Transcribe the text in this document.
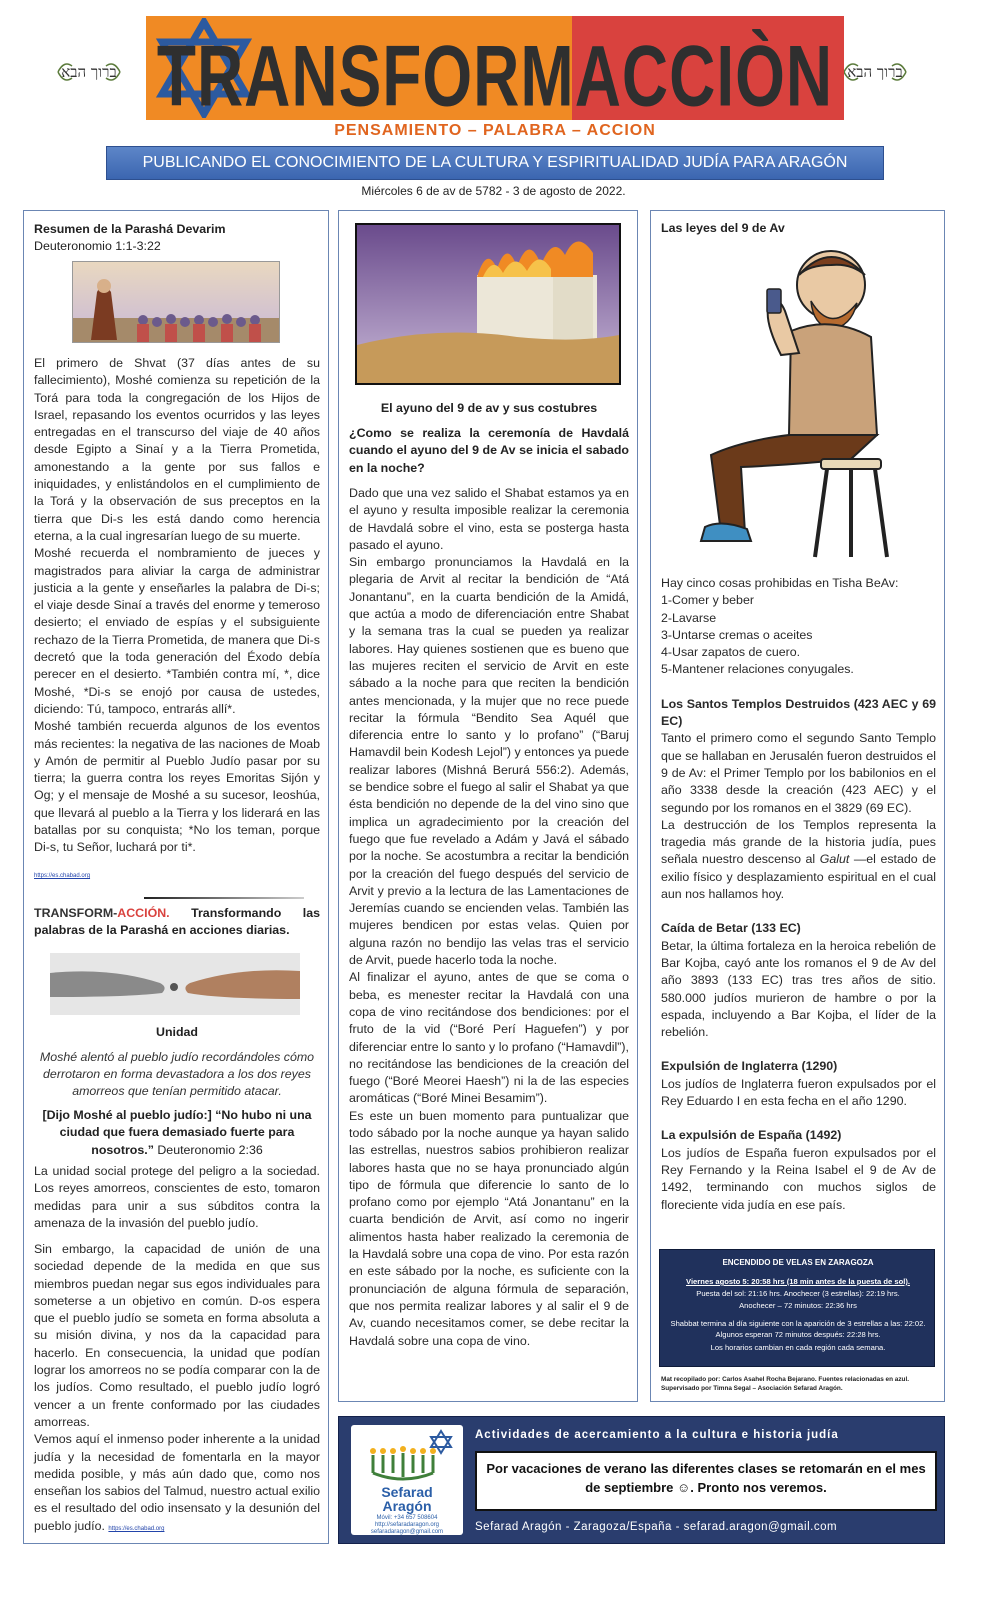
ברוך הבא	ברוך הבא
TRANSFORMACCIÒN
PENSAMIENTO – PALABRA – ACCION
PUBLICANDO EL CONOCIMIENTO DE LA CULTURA Y ESPIRITUALIDAD JUDÍA PARA ARAGÓN
Miércoles 6 de av de 5782 - 3 de agosto de 2022.
Resumen de la Parashá Devarim
Deuteronomio 1:1-3:22
El primero de Shvat (37 días antes de su fallecimiento), Moshé comienza su repetición de la Torá para toda la congregación de los Hijos de Israel, repasando los eventos ocurridos y las leyes entregadas en el transcurso del viaje de 40 años desde Egipto a Sinaí y a la Tierra Prometida, amonestando a la gente por sus fallos e iniquidades, y enlistándolos en el cumplimiento de la Torá y la observación de sus preceptos en la tierra que Di-s les está dando como herencia eterna, a la cual ingresarían luego de su muerte.
Moshé recuerda el nombramiento de jueces y magistrados para aliviar la carga de administrar justicia a la gente y enseñarles la palabra de Di-s; el viaje desde Sinaí a través del enorme y temeroso desierto; el enviado de espías y el subsiguiente rechazo de la Tierra Prometida, de manera que Di-s decretó que la toda generación del Éxodo debía perecer en el desierto. *También contra mí, *, dice Moshé, *Di-s se enojó por causa de ustedes, diciendo: Tú, tampoco, entrarás allí*.
Moshé también recuerda algunos de los eventos más recientes: la negativa de las naciones de Moab y Amón de permitir al Pueblo Judío pasar por su tierra; la guerra contra los reyes Emoritas Sijón y Og; y el mensaje de Moshé a su sucesor, Ieoshúa, que llevará al pueblo a la Tierra y los liderará en las batallas por su conquista; *No los teman, porque Di-s, tu Señor, luchará por ti*.
https://es.chabad.org
TRANSFORM-ACCIÓN. Transformando las palabras de la Parashá en acciones diarias.
Unidad
Moshé alentó al pueblo judío recordándoles cómo derrotaron en forma devastadora a los dos reyes amorreos que tenían permitido atacar.
[Dijo Moshé al pueblo judío:] “No hubo ni una ciudad que fuera demasiado fuerte para nosotros.” Deuteronomio 2:36
La unidad social protege del peligro a la sociedad. Los reyes amorreos, conscientes de esto, tomaron medidas para unir a sus súbditos contra la amenaza de la invasión del pueblo judío.
Sin embargo, la capacidad de unión de una sociedad depende de la medida en que sus miembros puedan negar sus egos individuales para someterse a un objetivo en común. D-os espera que el pueblo judío se someta en forma absoluta a su misión divina, y nos da la capacidad para hacerlo. En consecuencia, la unidad que podían lograr los amorreos no se podía comparar con la de los judíos. Como resultado, el pueblo judío logró vencer a un frente conformado por las ciudades amorreas.
Vemos aquí el inmenso poder inherente a la unidad judía y la necesidad de fomentarla en la mayor medida posible, y más aún dado que, como nos enseñan los sabios del Talmud, nuestro actual exilio es el resultado del odio insensato y la desunión del pueblo judío. https://es.chabad.org
El ayuno del 9 de av y sus costubres
¿Como se realiza la ceremonía de Havdalá cuando el ayuno del 9 de Av se inicia el sabado en la noche?
Dado que una vez salido el Shabat estamos ya en el ayuno y resulta imposible realizar la ceremonia de Havdalá sobre el vino, esta se posterga hasta pasado el ayuno.
Sin embargo pronunciamos la Havdalá en la plegaria de Arvit al recitar la bendición de “Atá Jonantanu”, en la cuarta bendición de la Amidá, que actúa a modo de diferenciación entre Shabat y la semana tras la cual se pueden ya realizar labores. Hay quienes sostienen que es bueno que las mujeres reciten el servicio de Arvit en este sábado a la noche para que reciten la bendición antes mencionada, y la mujer que no rece puede recitar la fórmula “Bendito Sea Aquél que diferencia entre lo santo y lo profano” (“Baruj Hamavdil bein Kodesh Lejol”) y entonces ya puede realizar labores (Mishná Berurá 556:2). Además, se bendice sobre el fuego al salir el Shabat ya que ésta bendición no depende de la del vino sino que implica un agradecimiento por la creación del fuego que fue revelado a Adám y Javá el sábado por la noche. Se acostumbra a recitar la bendición por la creación del fuego después del servicio de Arvit y previo a la lectura de las Lamentaciones de Jeremías cuando se encienden velas. También las mujeres bendicen por estas velas. Quien por alguna razón no bendijo las velas tras el servicio de Arvit, puede hacerlo toda la noche.
Al finalizar el ayuno, antes de que se coma o beba, es menester recitar la Havdalá con una copa de vino recitándose dos bendiciones: por el fruto de la vid (“Boré Perí Haguefen”) y por diferenciar entre lo santo y lo profano (“Hamavdil”), no recitándose las bendiciones de la creación del fuego (“Boré Meorei Haesh”) ni la de las especies aromáticas (“Boré Minei Besamim”).
Es este un buen momento para puntualizar que todo sábado por la noche aunque ya hayan salido las estrellas, nuestros sabios prohibieron realizar labores hasta que no se haya pronunciado algún tipo de fórmula que diferencie lo santo de lo profano como por ejemplo “Atá Jonantanu” en la cuarta bendición de Arvit, así como no ingerir alimentos hasta haber realizado la ceremonia de la Havdalá sobre una copa de vino. Por esta razón en este sábado por la noche, es suficiente con la pronunciación de alguna fórmula de separación, que nos permita realizar labores y al salir el 9 de Av, cuando necesitamos comer, se debe recitar la Havdalá sobre una copa de vino.
Las leyes del 9 de Av

Hay cinco cosas prohibidas en Tisha BeAv:

1-Comer y beber

2-Lavarse

3-Untarse cremas o aceites

4-Usar zapatos de cuero.

5-Mantener relaciones conyugales.

Los Santos Templos Destruidos (423 AEC y 69 EC)

Tanto el primero como el segundo Santo Templo que se hallaban en Jerusalén fueron destruidos el 9 de Av: el Primer Templo por los babilonios en el año 3338 desde la creación (423 AEC) y el segundo por los romanos en el 3829 (69 EC).

La destrucción de los Templos representa la tragedia más grande de la historia judía, pues señala nuestro descenso al Galut —el estado de exilio físico y desplazamiento espiritual en el cual aun nos hallamos hoy.

Caída de Betar (133 EC)

Betar, la última fortaleza en la heroica rebelión de Bar Kojba, cayó ante los romanos el 9 de Av del año 3893 (133 EC) tras tres años de sitio. 580.000 judíos murieron de hambre o por la espada, incluyendo a Bar Kojba, el líder de la rebelión.

Expulsión de Inglaterra (1290)

Los judíos de Inglaterra fueron expulsados por el Rey Eduardo I en esta fecha en el año 1290.

La expulsión de España (1492)

Los judíos de España fueron expulsados por el Rey Fernando y la Reina Isabel el 9 de Av de 1492, terminando con muchos siglos de floreciente vida judía en ese país.

ENCENDIDO DE VELAS EN ZARAGOZA
Viernes agosto 5: 20:58 hrs (18 min antes de la puesta de sol).
Puesta del sol: 21:16 hrs. Anochecer (3 estrellas): 22:19 hrs.
Anochecer – 72 minutos: 22:36 hrs
Shabbat termina al día siguiente con la aparición de 3 estrellas a las: 22:02. Algunos esperan 72 minutos después: 22:28 hrs.
Los horarios cambian en cada región cada semana.
Mat recopilado por: Carlos Asahel Rocha Bejarano. Fuentes relacionadas en azul. Supervisado por Timna Segal – Asociación Sefarad Aragón.
Sefarad
Aragón
Móvil: +34 657 508604
http://sefaradaragon.org
sefaradaragon@gmail.com
Actividades de acercamiento a la cultura e historia judía
Por vacaciones de verano las diferentes clases se retomarán en el mes de septiembre ☺. Pronto nos veremos.
Sefarad Aragón - Zaragoza/España - sefarad.aragon@gmail.com
